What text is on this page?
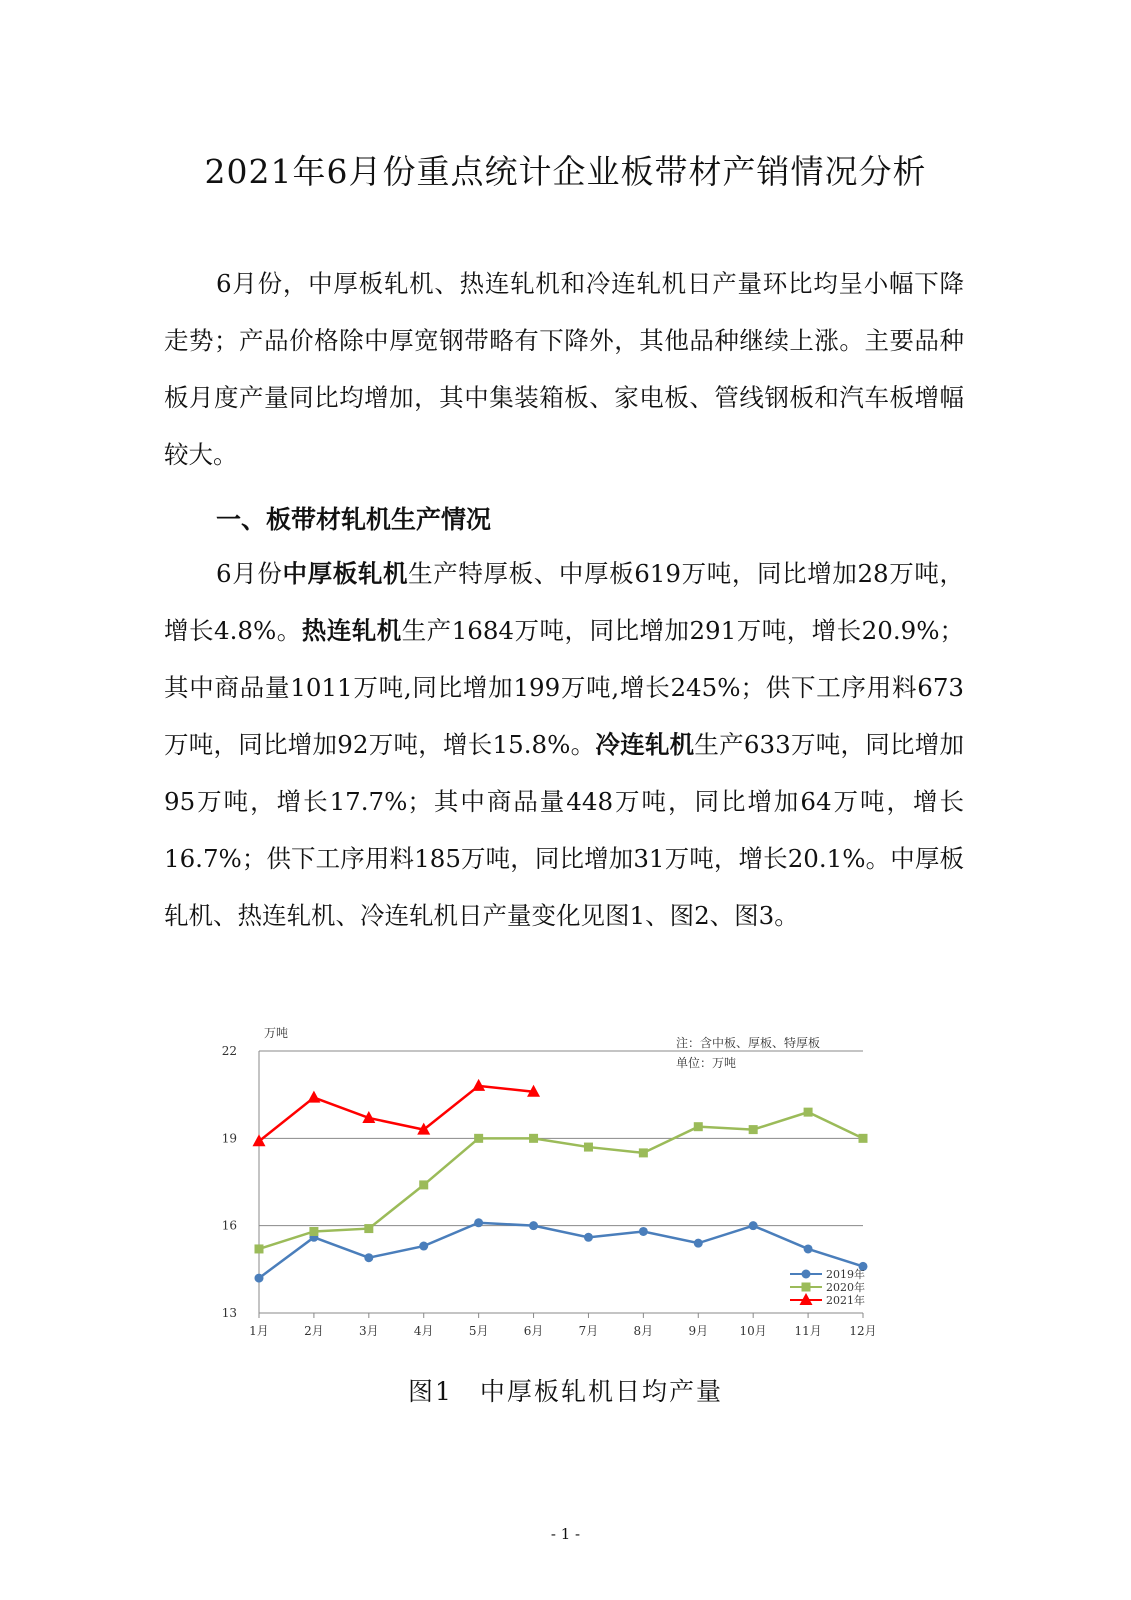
2021年6月份重点统计企业板带材产销情况分析

6月份，中厚板轧机、热连轧机和冷连轧机日产量环比均呈小幅下降走势；产品价格除中厚宽钢带略有下降外，其他品种继续上涨。主要品种板月度产量同比均增加，其中集装箱板、家电板、管线钢板和汽车板增幅较大。

一、板带材轧机生产情况

6月份中厚板轧机生产特厚板、中厚板619万吨，同比增加28万吨，增长4.8%。热连轧机生产1684万吨，同比增加291万吨，增长20.9%；其中商品量1011万吨,同比增加199万吨,增长245%；供下工序用料673万吨，同比增加92万吨，增长15.8%。冷连轧机生产633万吨，同比增加95万吨，增长17.7%；其中商品量448万吨，同比增加64万吨，增长16.7%；供下工序用料185万吨，同比增加31万吨，增长20.1%。中厚板轧机、热连轧机、冷连轧机日产量变化见图1、图2、图3。

万吨
注：含中板、厚板、特厚板
单位：万吨
13
16
19
22
1月	2月	3月	4月	5月	6月	7月	8月	9月	10月 11月 12月
2019年
2020年
2021年
图1　中厚板轧机日均产量
- 1 -
